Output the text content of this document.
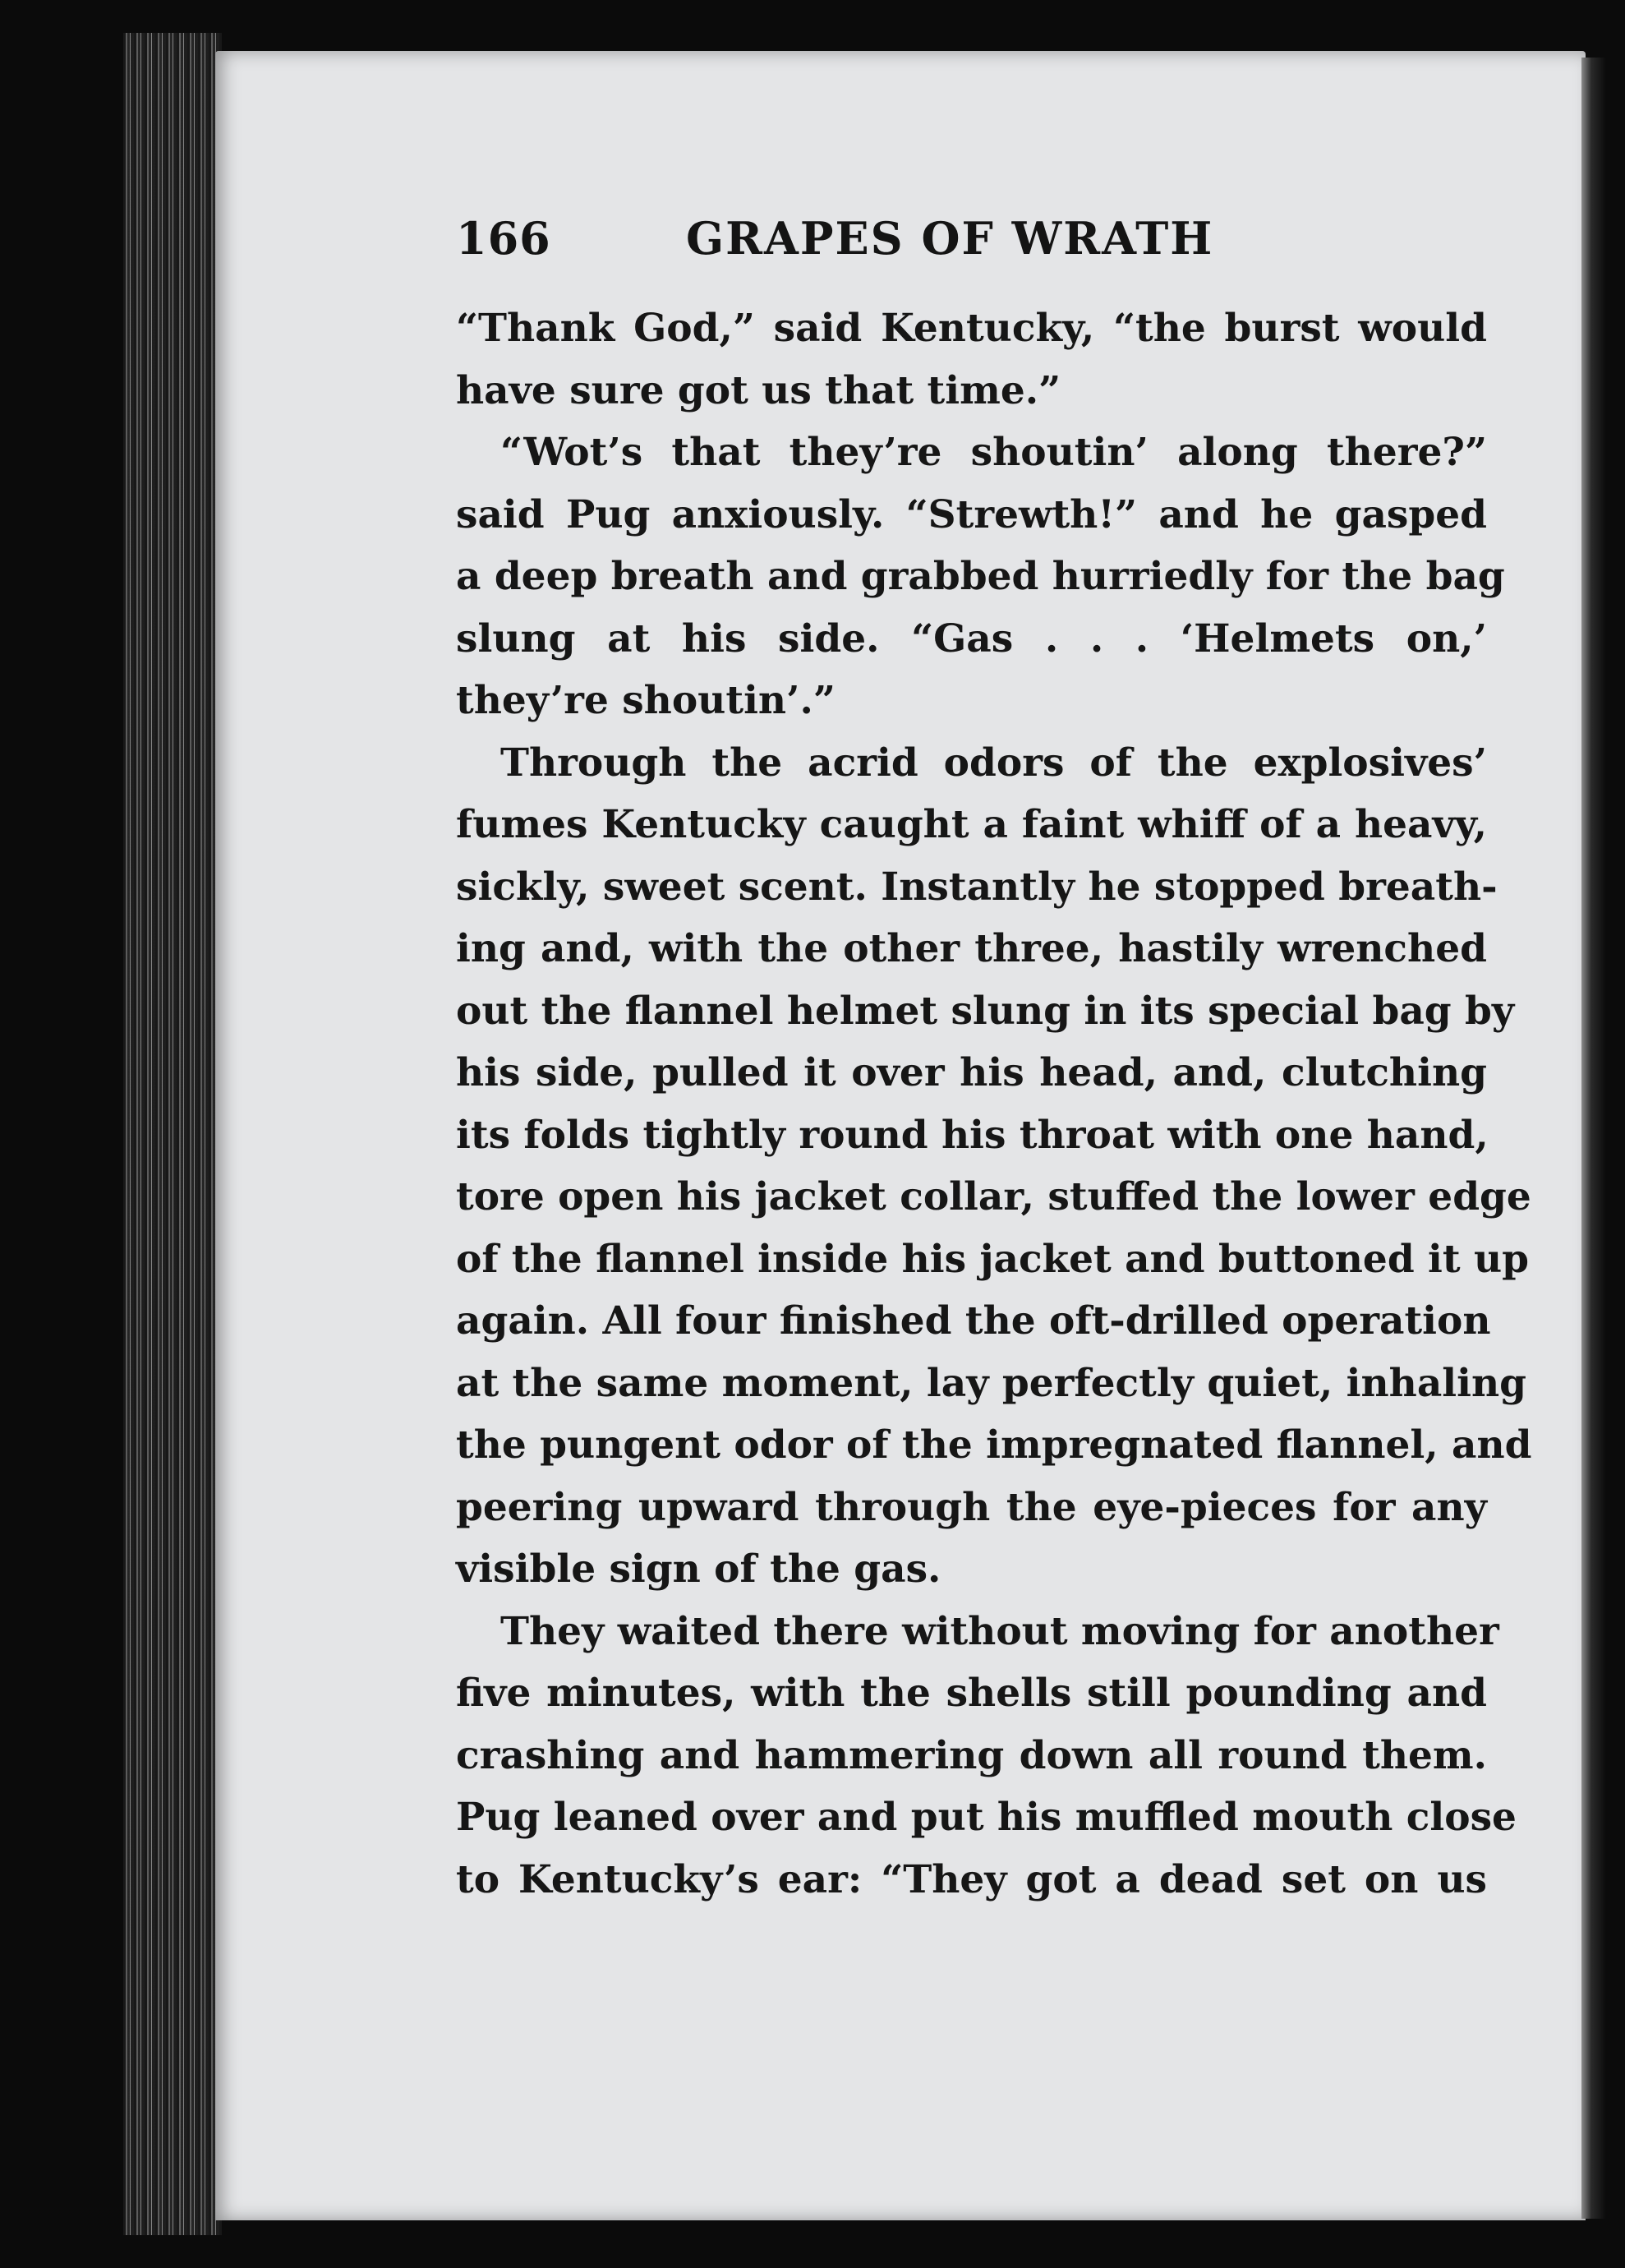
166	GRAPES OF WRATH

“Thank God,” said Kentucky, “the burst would
have sure got us that time.”

“Wot’s that they’re shoutin’ along there?”
said Pug anxiously. “Strewth!” and he gasped
a deep breath and grabbed hurriedly for the bag
slung at his side. “Gas . . . ‘Helmets on,’
they’re shoutin’.”

Through the acrid odors of the explosives’
fumes Kentucky caught a faint whiff of a heavy,
sickly, sweet scent. Instantly he stopped breath-
ing and, with the other three, hastily wrenched
out the flannel helmet slung in its special bag by
his side, pulled it over his head, and, clutching
its folds tightly round his throat with one hand,
tore open his jacket collar, stuffed the lower edge
of the flannel inside his jacket and buttoned it up
again. All four finished the oft-drilled operation
at the same moment, lay perfectly quiet, inhaling
the pungent odor of the impregnated flannel, and
peering upward through the eye-pieces for any
visible sign of the gas.

They waited there without moving for another
five minutes, with the shells still pounding and
crashing and hammering down all round them.
Pug leaned over and put his muffled mouth close
to Kentucky’s ear: “They got a dead set on us
